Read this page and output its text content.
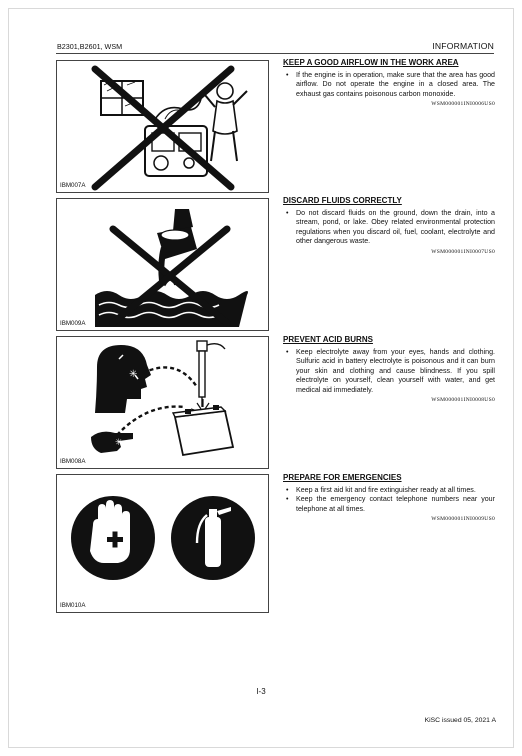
B2301,B2601, WSM	INFORMATION
IBM007A
IBM009A
✳
✳
IBM008A
IBM010A
KEEP A GOOD AIRFLOW IN THE WORK AREA
• If the engine is in operation, make sure that the area has good airflow. Do not operate the engine in a closed area. The exhaust gas contains poisonous carbon monoxide.
WSM000001INI0006US0
DISCARD FLUIDS CORRECTLY
• Do not discard fluids on the ground, down the drain, into a stream, pond, or lake. Obey related environmental protection regulations when you discard oil, fuel, coolant, electrolyte and other dangerous waste.
WSM000001INI0007US0
PREVENT ACID BURNS
• Keep electrolyte away from your eyes, hands and clothing. Sulfuric acid in battery electrolyte is poisonous and it can burn your skin and clothing and cause blindness. If you spill electrolyte on yourself, clean yourself with water, and get medical aid immediately.
WSM000001INI0008US0
PREPARE FOR EMERGENCIES
• Keep a first aid kit and fire extinguisher ready at all times.
• Keep the emergency contact telephone numbers near your telephone at all times.
WSM000001INI0009US0
I-3
KiSC issued 05, 2021 A
